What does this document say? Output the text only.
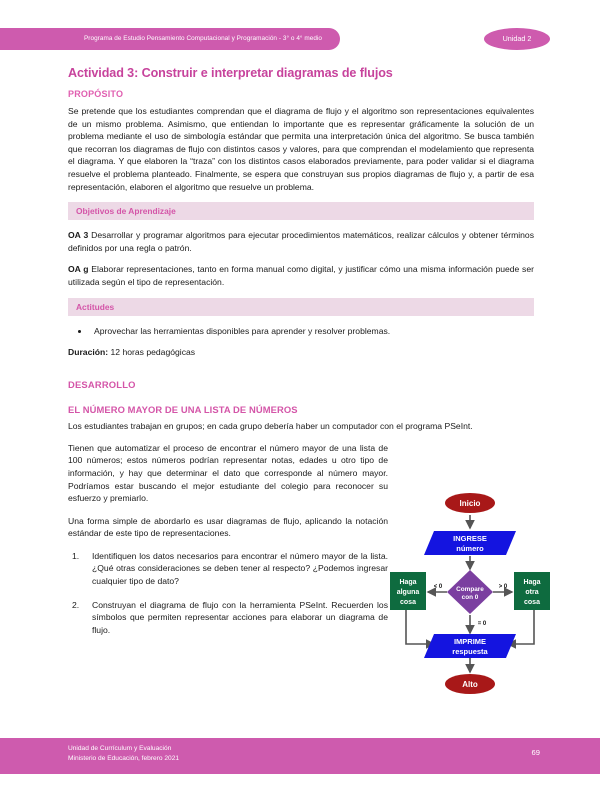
Programa de Estudio Pensamiento Computacional y Programación - 3° o 4° medio	Unidad 2
Actividad 3: Construir e interpretar diagramas de flujos
PROPÓSITO

Se pretende que los estudiantes comprendan que el diagrama de flujo y el algoritmo son representaciones equivalentes de un mismo problema. Asimismo, que entiendan lo importante que es representar gráficamente la solución de un problema mediante el uso de simbología estándar que permita una interpretación única del algoritmo. Se busca también que recorran los diagramas de flujo con distintos casos y valores, para que comprendan el modelamiento que representa el diagrama. Y que elaboren la “traza” con los distintos casos elaborados previamente, para poder validar si el diagrama resuelve el problema planteado. Finalmente, se espera que construyan sus propios diagramas de flujo y, a partir de esa representación, elaboren el algoritmo que resuelve un problema.

Objetivos de Aprendizaje

OA 3 Desarrollar y programar algoritmos para ejecutar procedimientos matemáticos, realizar cálculos y obtener términos definidos por una regla o patrón.

OA g Elaborar representaciones, tanto en forma manual como digital, y justificar cómo una misma información puede ser utilizada según el tipo de representación.

Actitudes
• Aprovechar las herramientas disponibles para aprender y resolver problemas.

Duración: 12 horas pedagógicas

DESARROLLO
EL NÚMERO MAYOR DE UNA LISTA DE NÚMEROS

Los estudiantes trabajan en grupos; en cada grupo debería haber un computador con el programa PSeInt.

Tienen que automatizar el proceso de encontrar el número mayor de una lista de 100 números; estos números podrían representar notas, edades u otro tipo de información, y hay que determinar el dato que corresponde al número mayor. Podríamos estar buscando el mejor estudiante del colegio para reconocer su esfuerzo y premiarlo.

Una forma simple de abordarlo es usar diagramas de flujo, aplicando la notación estándar de este tipo de representaciones.

1. Identifiquen los datos necesarios para encontrar el número mayor de la lista. ¿Qué otras consideraciones se deben tener al respecto? ¿Podemos ingresar cualquier tipo de dato?
2. Construyan el diagrama de flujo con la herramienta PSeInt. Recuerden los símbolos que permiten representar acciones para elaborar un diagrama de flujo.
Inicio
INGRESE
número
Compare
con 0
< 0	> 0
= 0
Haga
alguna
cosa
Haga
otra
cosa
IMPRIME
respuesta
Alto
Unidad de Currículum y Evaluación
Ministerio de Educación, febrero 2021
69
